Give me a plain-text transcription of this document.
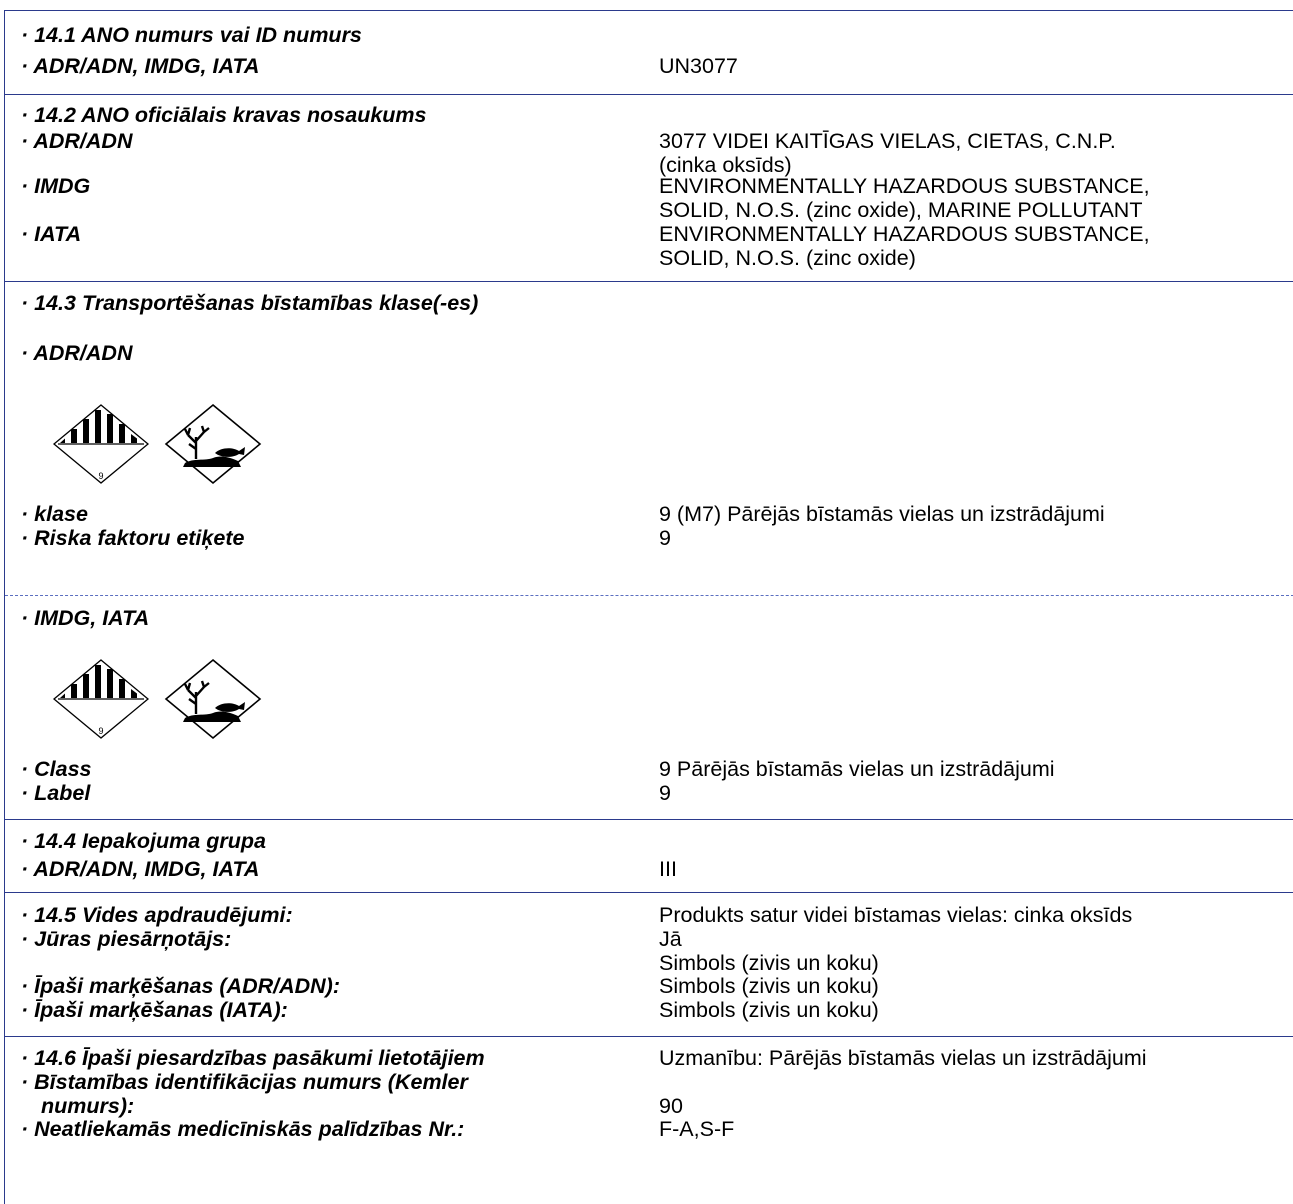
· 14.1 ANO numurs vai ID numurs
· ADR/ADN, IMDG, IATA	UN3077
· 14.2 ANO oficiālais kravas nosaukums
· ADR/ADN	3077 VIDEI KAITĪGAS VIELAS, CIETAS, C.N.P.
(cinka oksīds)
· IMDG	ENVIRONMENTALLY HAZARDOUS SUBSTANCE,
SOLID, N.O.S. (zinc oxide), MARINE POLLUTANT
· IATA	ENVIRONMENTALLY HAZARDOUS SUBSTANCE,
SOLID, N.O.S. (zinc oxide)
· 14.3 Transportēšanas bīstamības klase(-es)
· ADR/ADN
9
· klase	9 (M7) Pārējās bīstamās vielas un izstrādājumi
· Riska faktoru etiķete	9
· IMDG, IATA
9
· Class	9 Pārējās bīstamās vielas un izstrādājumi
· Label	9
· 14.4 Iepakojuma grupa
· ADR/ADN, IMDG, IATA	III
· 14.5 Vides apdraudējumi:	Produkts satur videi bīstamas vielas: cinka oksīds
· Jūras piesārņotājs:	Jā
Simbols (zivis un koku)
· Īpaši marķēšanas (ADR/ADN):	Simbols (zivis un koku)
· Īpaši marķēšanas (IATA):	Simbols (zivis un koku)
· 14.6 Īpaši piesardzības pasākumi lietotājiem	Uzmanību: Pārējās bīstamās vielas un izstrādājumi
· Bīstamības identifikācijas numurs (Kemler
numurs):	90
· Neatliekamās medicīniskās palīdzības Nr.:	F-A,S-F
